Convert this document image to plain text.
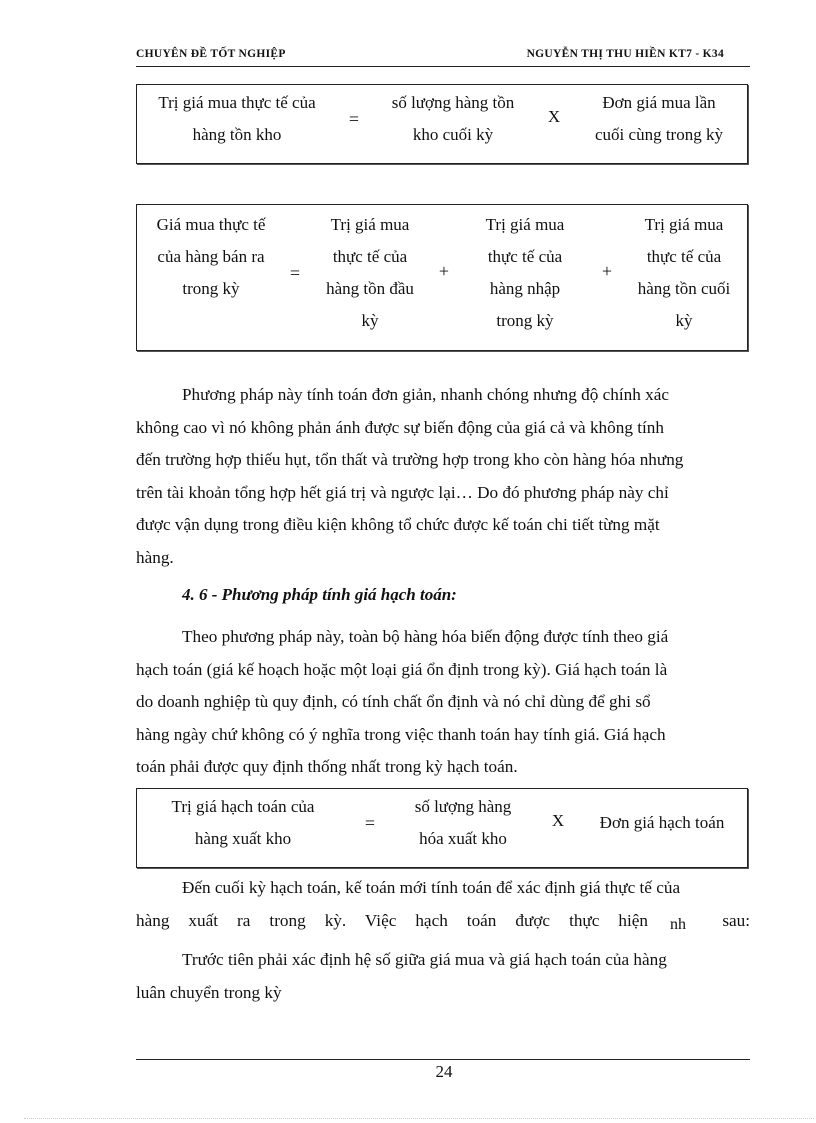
CHUYÊN ĐỀ TỐT NGHIỆP	NGUYỄN THỊ THU HIỀN KT7 - K34
Trị giá mua thực tế của
hàng tồn kho
=
số lượng hàng tồn
kho cuối kỳ
X
Đơn giá mua lần
cuối cùng trong kỳ
Giá mua thực tế
của hàng bán ra
trong kỳ
=
Trị giá mua
thực tế của
hàng tồn đầu
kỳ
+
Trị giá mua
thực tế của
hàng nhập
trong kỳ
+
Trị giá mua
thực tế của
hàng tồn cuối
kỳ
Phương pháp này tính toán đơn giản, nhanh chóng nhưng độ chính xác
không cao vì nó không phản ánh được sự biến động của giá cả và không tính
đến trường hợp thiếu hụt, tổn thất và trường hợp trong kho còn hàng hóa nhưng
trên tài khoản tổng hợp hết giá trị và ngược lại… Do đó phương pháp này chỉ
được vận dụng trong điều kiện không tổ chức được kế toán chi tiết từng mặt
hàng.
4. 6 - Phương pháp tính giá hạch toán:
Theo phương pháp này, toàn bộ hàng hóa biến động được tính theo giá
hạch toán (giá kế hoạch hoặc một loại giá ổn định trong kỳ). Giá hạch toán là
do doanh nghiệp tù quy định, có tính chất ổn định và nó chỉ dùng để ghi sổ
hàng ngày chứ không có ý nghĩa trong việc thanh toán hay tính giá. Giá hạch
toán phải được quy định thống nhất trong kỳ hạch toán.
Trị giá hạch toán của
hàng xuất kho
=
số lượng hàng
hóa xuất kho
X	Đơn giá hạch toán
Đến cuối kỳ hạch toán, kế toán mới tính toán để xác định giá thực tế của
hàng xuất ra trong kỳ. Việc hạch toán được thực hiện nh sau:
Trước tiên phải xác định hệ số giữa giá mua và giá hạch toán của hàng
luân chuyển trong kỳ
24
